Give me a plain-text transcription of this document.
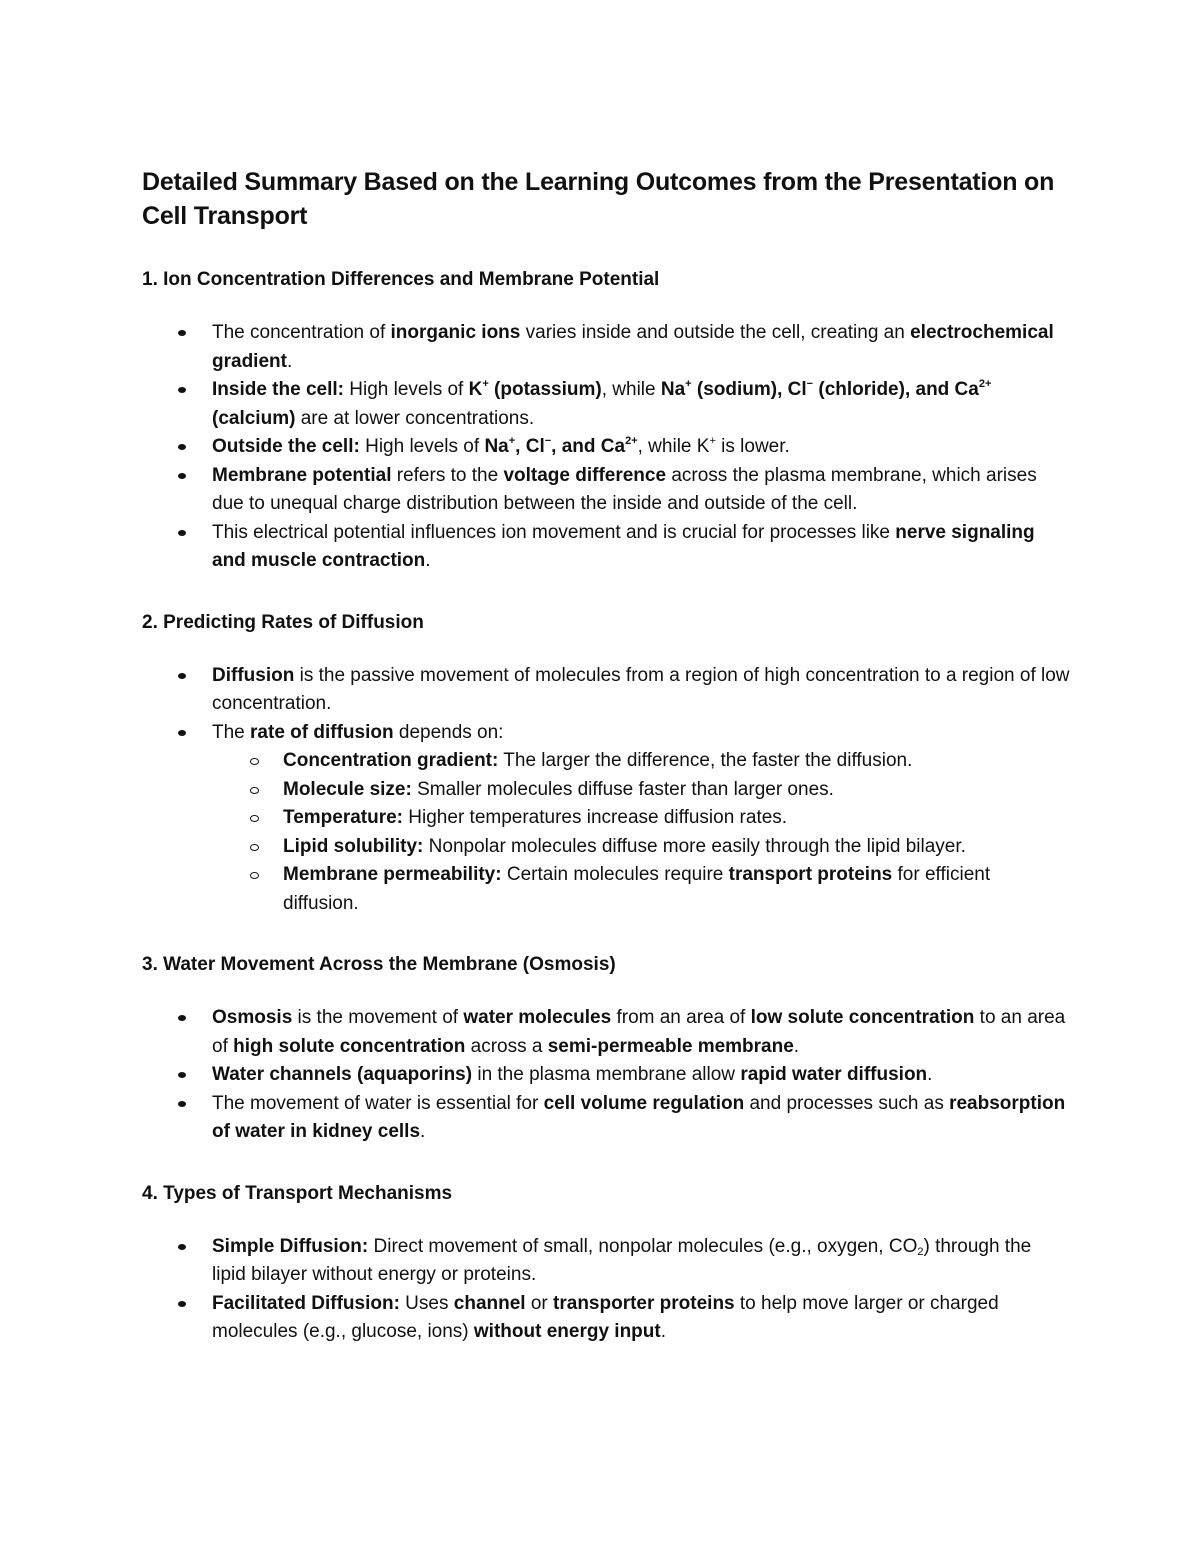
Detailed Summary Based on the Learning Outcomes from the Presentation on Cell Transport
1. Ion Concentration Differences and Membrane Potential
The concentration of inorganic ions varies inside and outside the cell, creating an electrochemical gradient.
Inside the cell: High levels of K+ (potassium), while Na+ (sodium), Cl− (chloride), and $Ca^{2+}$ (calcium) are at lower concentrations.
Outside the cell: High levels of Na+, Cl−, and $Ca^{2+}$, while K+ is lower.
Membrane potential refers to the voltage difference across the plasma membrane, which arises due to unequal charge distribution between the inside and outside of the cell.
This electrical potential influences ion movement and is crucial for processes like nerve signaling and muscle contraction.
2. Predicting Rates of Diffusion
Diffusion is the passive movement of molecules from a region of high concentration to a region of low concentration.
The rate of diffusion depends on:
Concentration gradient: The larger the difference, the faster the diffusion.
Molecule size: Smaller molecules diffuse faster than larger ones.
Temperature: Higher temperatures increase diffusion rates.
Lipid solubility: Nonpolar molecules diffuse more easily through the lipid bilayer.
Membrane permeability: Certain molecules require transport proteins for efficient diffusion.
3. Water Movement Across the Membrane (Osmosis)
Osmosis is the movement of water molecules from an area of low solute concentration to an area of high solute concentration across a semi-permeable membrane.
Water channels (aquaporins) in the plasma membrane allow rapid water diffusion.
The movement of water is essential for cell volume regulation and processes such as reabsorption of water in kidney cells.
4. Types of Transport Mechanisms
Simple Diffusion: Direct movement of small, nonpolar molecules (e.g., oxygen, $CO_2$) through the lipid bilayer without energy or proteins.
Facilitated Diffusion: Uses channel or transporter proteins to help move larger or charged molecules (e.g., glucose, ions) without energy input.
